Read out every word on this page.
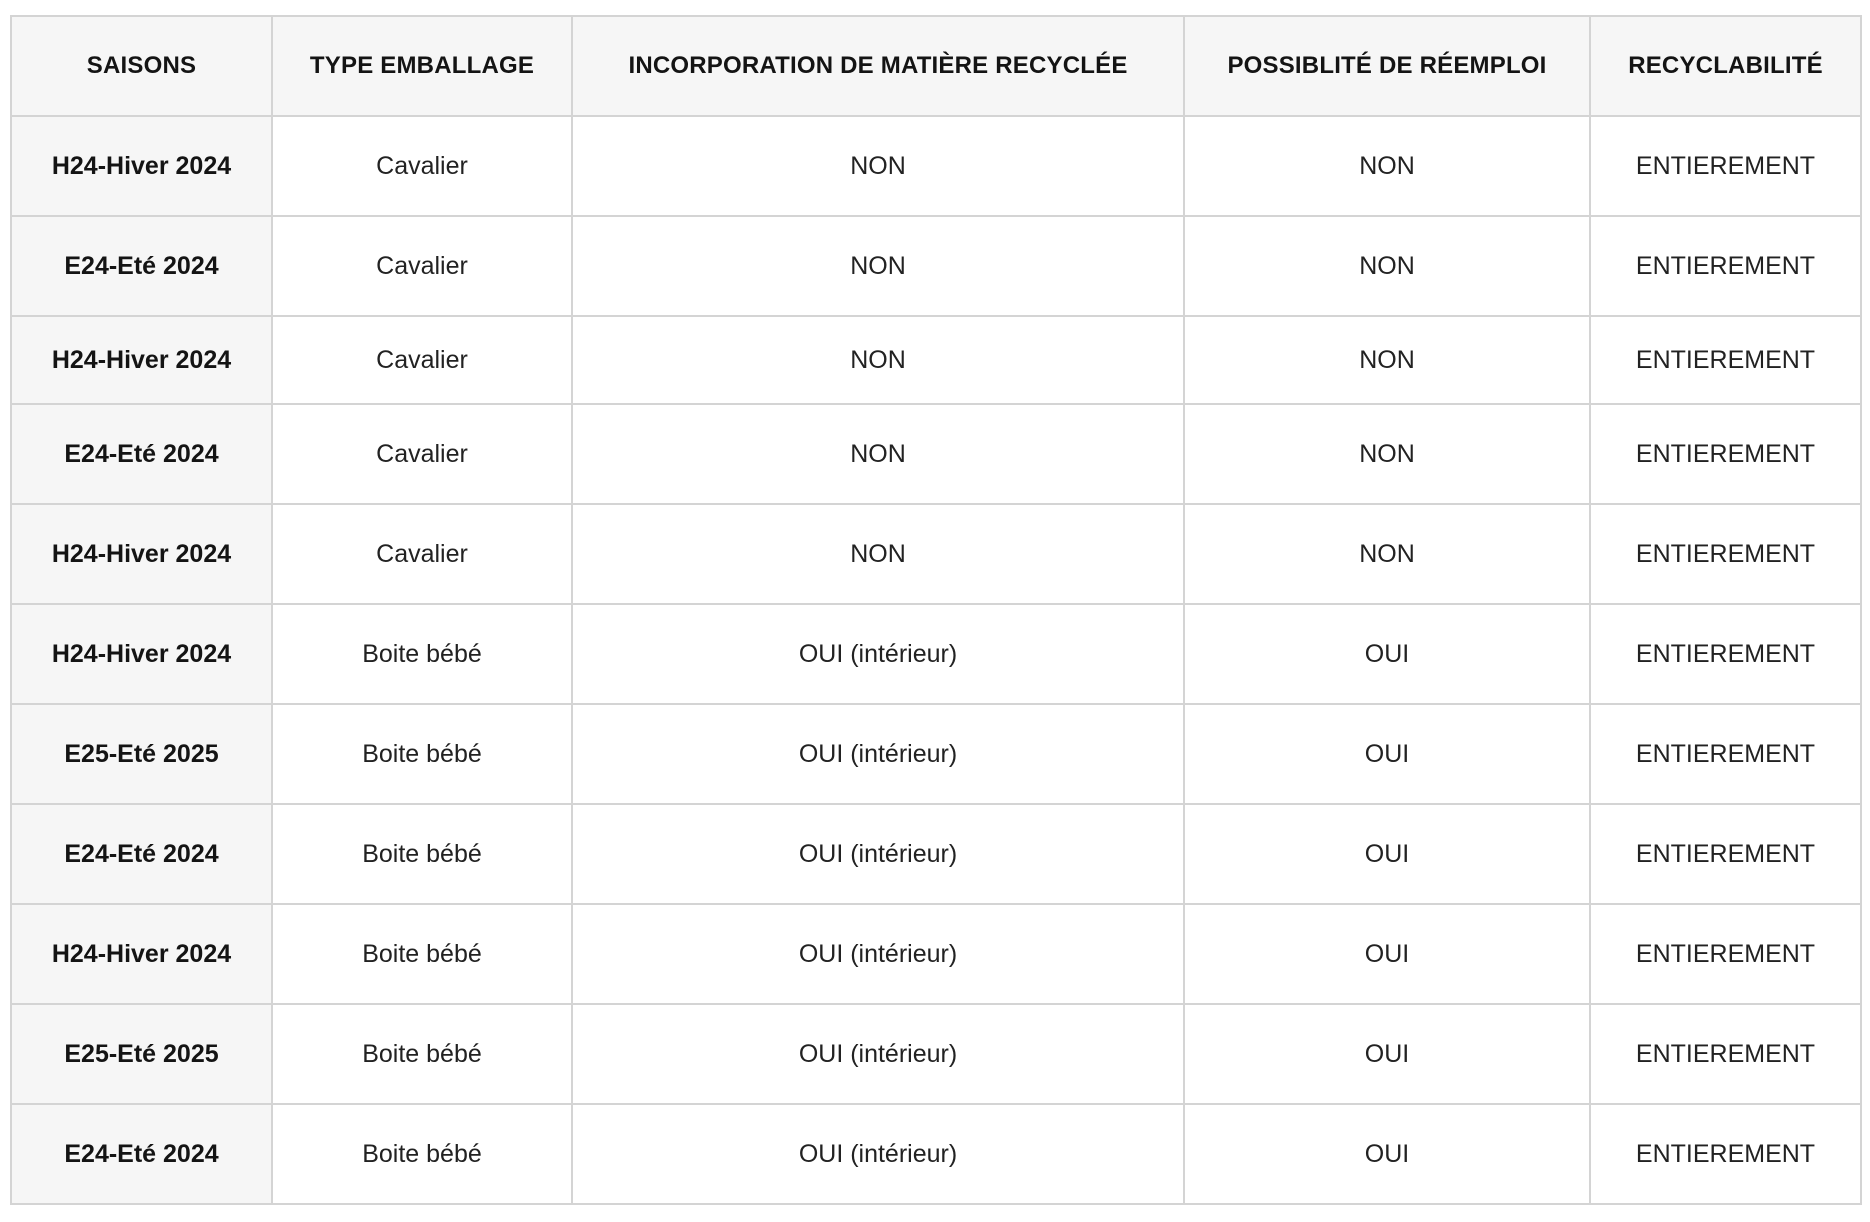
SAISONS	TYPE EMBALLAGE	INCORPORATION DE MATIÈRE RECYCLÉE	POSSIBLITÉ DE RÉEMPLOI	RECYCLABILITÉ
H24-Hiver 2024	Cavalier	NON	NON	ENTIEREMENT
E24-Eté 2024	Cavalier	NON	NON	ENTIEREMENT
H24-Hiver 2024	Cavalier	NON	NON	ENTIEREMENT
E24-Eté 2024	Cavalier	NON	NON	ENTIEREMENT
H24-Hiver 2024	Cavalier	NON	NON	ENTIEREMENT
H24-Hiver 2024	Boite bébé	OUI (intérieur)	OUI	ENTIEREMENT
E25-Eté 2025	Boite bébé	OUI (intérieur)	OUI	ENTIEREMENT
E24-Eté 2024	Boite bébé	OUI (intérieur)	OUI	ENTIEREMENT
H24-Hiver 2024	Boite bébé	OUI (intérieur)	OUI	ENTIEREMENT
E25-Eté 2025	Boite bébé	OUI (intérieur)	OUI	ENTIEREMENT
E24-Eté 2024	Boite bébé	OUI (intérieur)	OUI	ENTIEREMENT
